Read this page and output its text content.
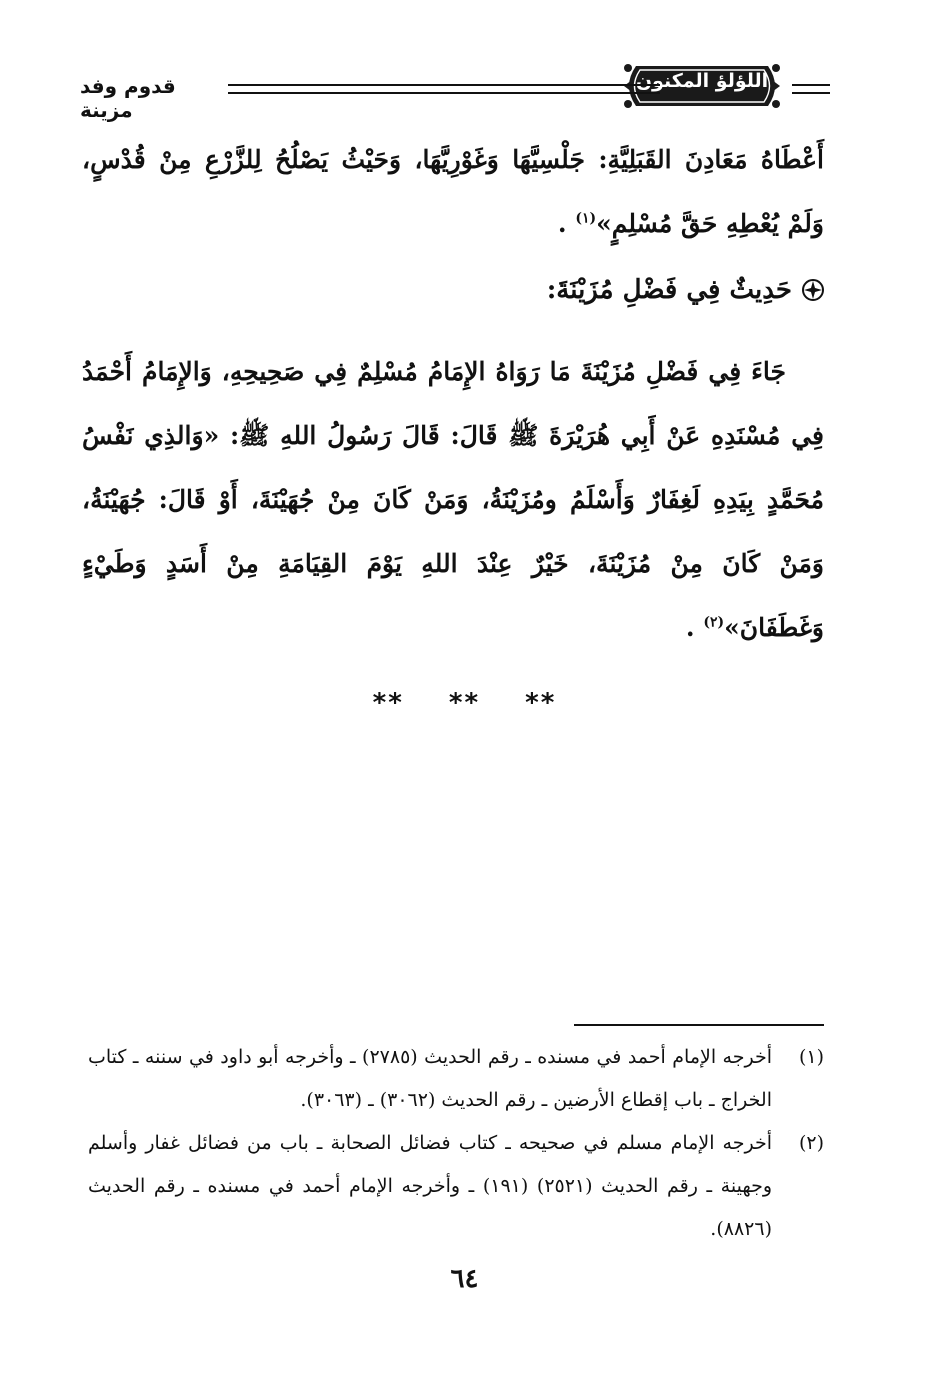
اللؤلؤ المكنون
قدوم وفد مزينة

أَعْطَاهُ مَعَادِنَ القَبَلِيَّةِ: جَلْسِيَّهَا وَغَوْرِيَّهَا، وَحَيْثُ يَصْلُحُ لِلزَّرْعِ مِنْ قُدْسٍ، وَلَمْ يُعْطِهِ حَقَّ مُسْلِمٍ»$^{(١)}$ .

حَدِيثٌ فِي فَضْلِ مُزَيْنَةَ:

جَاءَ فِي فَضْلِ مُزَيْنَةَ مَا رَوَاهُ الإِمَامُ مُسْلِمٌ فِي صَحِيحِهِ، وَالإِمَامُ أَحْمَدُ فِي مُسْنَدِهِ عَنْ أَبِي هُرَيْرَةَ ﷺ قَالَ: قَالَ رَسُولُ اللهِ ﷺ: «وَالذِي نَفْسُ مُحَمَّدٍ بِيَدِهِ لَغِفَارٌ وَأَسْلَمُ ومُزَيْنَةُ، وَمَنْ كَانَ مِنْ جُهَيْنَةَ، أَوْ قَالَ: جُهَيْنَةُ، وَمَنْ كَانَ مِنْ مُزَيْنَةَ، خَيْرٌ عِنْدَ اللهِ يَوْمَ القِيَامَةِ مِنْ أَسَدٍ وَطَيْءٍ وَغَطَفَانَ»$^{(٢)}$ .

** ** **
(١)
أخرجه الإمام أحمد في مسنده ـ رقم الحديث (٢٧٨٥) ـ وأخرجه أبو داود في سننه ـ كتاب الخراج ـ باب إقطاع الأرضين ـ رقم الحديث (٣٠٦٢) ـ (٣٠٦٣).
(٢)
أخرجه الإمام مسلم في صحيحه ـ كتاب فضائل الصحابة ـ باب من فضائل غفار وأسلم وجهينة ـ رقم الحديث (٢٥٢١) (١٩١) ـ وأخرجه الإمام أحمد في مسنده ـ رقم الحديث (٨٨٢٦).
٦٤
